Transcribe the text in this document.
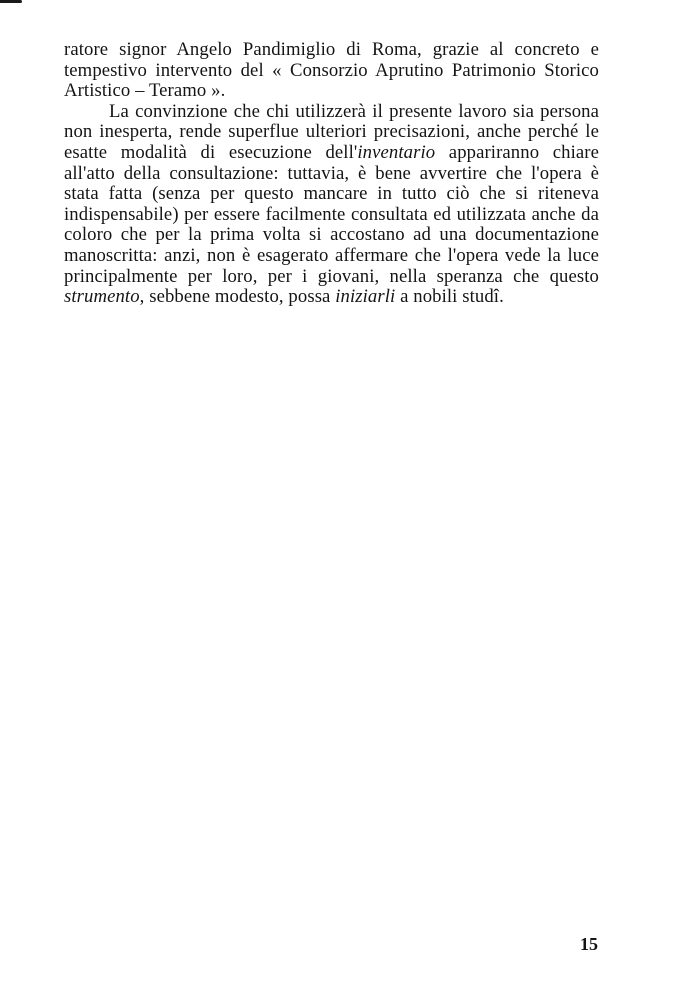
ratore signor Angelo Pandimiglio di Roma, grazie al concreto e tempestivo intervento del « Consorzio Aprutino Patrimonio Storico Artistico – Teramo ».

La convinzione che chi utilizzerà il presente lavoro sia persona non inesperta, rende superflue ulteriori precisazioni, anche perché le esatte modalità di esecuzione dell'inventario appariranno chiare all'atto della consultazione: tuttavia, è bene avvertire che l'opera è stata fatta (senza per questo mancare in tutto ciò che si riteneva indispensabile) per essere facilmente consultata ed utilizzata anche da coloro che per la prima volta si accostano ad una documentazione manoscritta: anzi, non è esagerato affermare che l'opera vede la luce principalmente per loro, per i giovani, nella speranza che questo strumento, sebbene modesto, possa iniziarli a nobili studî.

15
